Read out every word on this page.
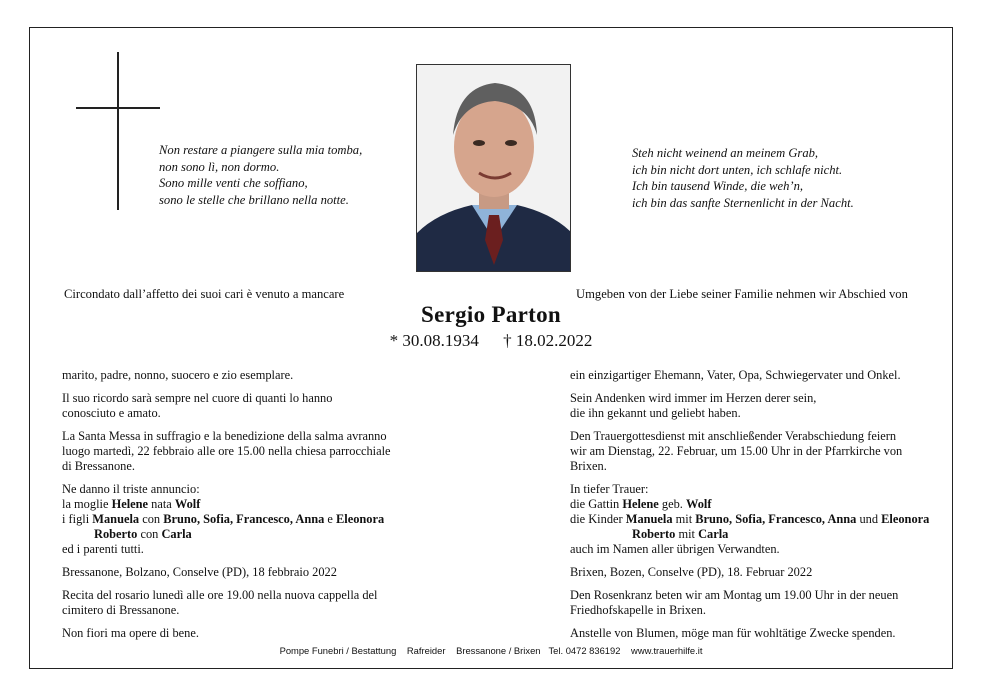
Non restare a piangere sulla mia tomba,
non sono lì, non dormo.
Sono mille venti che soffiano,
sono le stelle che brillano nella notte.
Steh nicht weinend an meinem Grab,
ich bin nicht dort unten, ich schlafe nicht.
Ich bin tausend Winde, die weh’n,
ich bin das sanfte Sternenlicht in der Nacht.
Circondato dall’affetto dei suoi cari è venuto a mancare	Umgeben von der Liebe seiner Familie nehmen wir Abschied von
Sergio Parton
* 30.08.1934 † 18.02.2022

marito, padre, nonno, suocero e zio esemplare.

Il suo ricordo sarà sempre nel cuore di quanti lo hanno

conosciuto e amato.

La Santa Messa in suffragio e la benedizione della salma avranno

luogo martedì, 22 febbraio alle ore 15.00 nella chiesa parrocchiale

di Bressanone.

Ne danno il triste annuncio:

la moglie Helene nata Wolf

i figli Manuela con Bruno, Sofia, Francesco, Anna e Eleonora

Roberto con Carla

ed i parenti tutti.

Bressanone, Bolzano, Conselve (PD), 18 febbraio 2022

Recita del rosario lunedì alle ore 19.00 nella nuova cappella del

cimitero di Bressanone.

Non fiori ma opere di bene.

ein einzigartiger Ehemann, Vater, Opa, Schwiegervater und Onkel.

Sein Andenken wird immer im Herzen derer sein,

die ihn gekannt und geliebt haben.

Den Trauergottesdienst mit anschließender Verabschiedung feiern

wir am Dienstag, 22. Februar, um 15.00 Uhr in der Pfarrkirche von

Brixen.

In tiefer Trauer:

die Gattin Helene geb. Wolf

die Kinder Manuela mit Bruno, Sofia, Francesco, Anna und Eleonora

Roberto mit Carla

auch im Namen aller übrigen Verwandten.

Brixen, Bozen, Conselve (PD), 18. Februar 2022

Den Rosenkranz beten wir am Montag um 19.00 Uhr in der neuen

Friedhofskapelle in Brixen.

Anstelle von Blumen, möge man für wohltätige Zwecke spenden.

Pompe Funebri / Bestattung Rafreider Bressanone / Brixen Tel. 0472 836192 www.trauerhilfe.it
